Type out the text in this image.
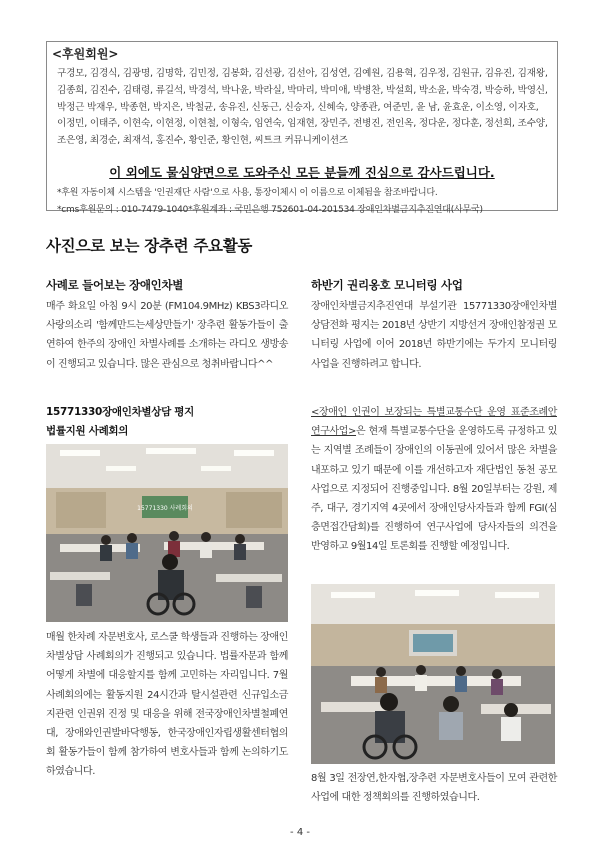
<후원회원>
구경모, 김경식, 김광명, 김명학, 김민정, 김봉화, 김선광, 김선아, 김성연, 김예원, 김용혁, 김우정, 김원규, 김유진, 김재왕, 김종희, 김진수, 김태령, 류길석, 박경석, 박나윤, 박라실, 박마리, 박미애, 박병찬, 박설희, 박소윤, 박숙경, 박승하, 박영신, 박정근 박재우, 박종현, 박지은, 박철균, 송유진, 신동근, 신승자, 신혜숙, 양종관, 여준민, 윤 남, 윤효운, 이소영, 이자호, 이정민, 이태주, 이현숙, 이현정, 이현철, 이형숙, 임연숙, 임재현, 장민주, 전병진, 전인옥, 정다운, 정다훈, 정선희, 조수양, 조은영, 최경순, 최재석, 홍진수, 황인준, 황인현, 씨트크 커뮤니케이션즈
이 외에도 물심양면으로 도와주신 모든 분들께 진심으로 감사드립니다.
*후원 자동이체 시스템을 '인권재단 사람'으로 사용, 통장이체시 이 이름으로 이체됨을 참조바랍니다.
*cms후원문의 : 010-7479-1040*후원계좌 : 국민은행 752601-04-201534 장애인차별금지추진연대(사무국)
사진으로 보는 장추련 주요활동
사례로 들어보는 장애인차별
매주 화요일 아침 9시 20분 (FM104.9MHz) KBS3라디오 사랑의소리 '함께만드는세상만들기' 장추련 활동가들이 출연하여 한주의 장애인 차별사례를 소개하는 라디오 생방송이 진행되고 있습니다. 많은 관심으로 청취바랍니다^^
15771330장애인차별상담 평지
법률지원 사례회의
15771330 사례회의
매월 한차례 자문변호사, 로스쿨 학생들과 진행하는 장애인 차별상담 사례회의가 진행되고 있습니다. 법률자문과 함께 어떻게 차별에 대응할지를 함께 고민하는 자리입니다. 7월 사례회의에는 활동지원 24시간과 탈시설관련 신규입소금지관련 인권위 진정 및 대응을 위해 전국장애인차별철폐연대, 장애와인권발바닥행동, 한국장애인자립생활센터협의회 활동가들이 함께 참가하여 변호사들과 함께 논의하기도 하였습니다.
하반기 권리옹호 모니터링 사업
장애인차별금지추진연대 부설기관 15771330장애인차별상담전화 평지는 2018년 상반기 지방선거 장애인참정권 모니터링 사업에 이어 2018년 하반기에는 두가지 모니터링 사업을 진행하려고 합니다.
<장애인 인권이 보장되는 특별교통수단 운영 표준조례안 연구사업>은 현재 특별교통수단을 운영하도록 규정하고 있는 지역별 조례들이 장애인의 이동권에 있어서 많은 차별을 내포하고 있기 때문에 이를 개선하고자 재단법인 동천 공모사업으로 지정되어 진행중입니다. 8월 20일부터는 강원, 제주, 대구, 경기지역 4곳에서 장애인당사자들과 함께 FGI(심층면접간담회)를 진행하여 연구사업에 당사자들의 의견을 반영하고 9월14일 토론회를 진행할 예정입니다.
8월 3일 전장연,한자협,장추련 자문변호사들이 모여 관련한 사업에 대한 정책회의를 진행하였습니다.
- 4 -
